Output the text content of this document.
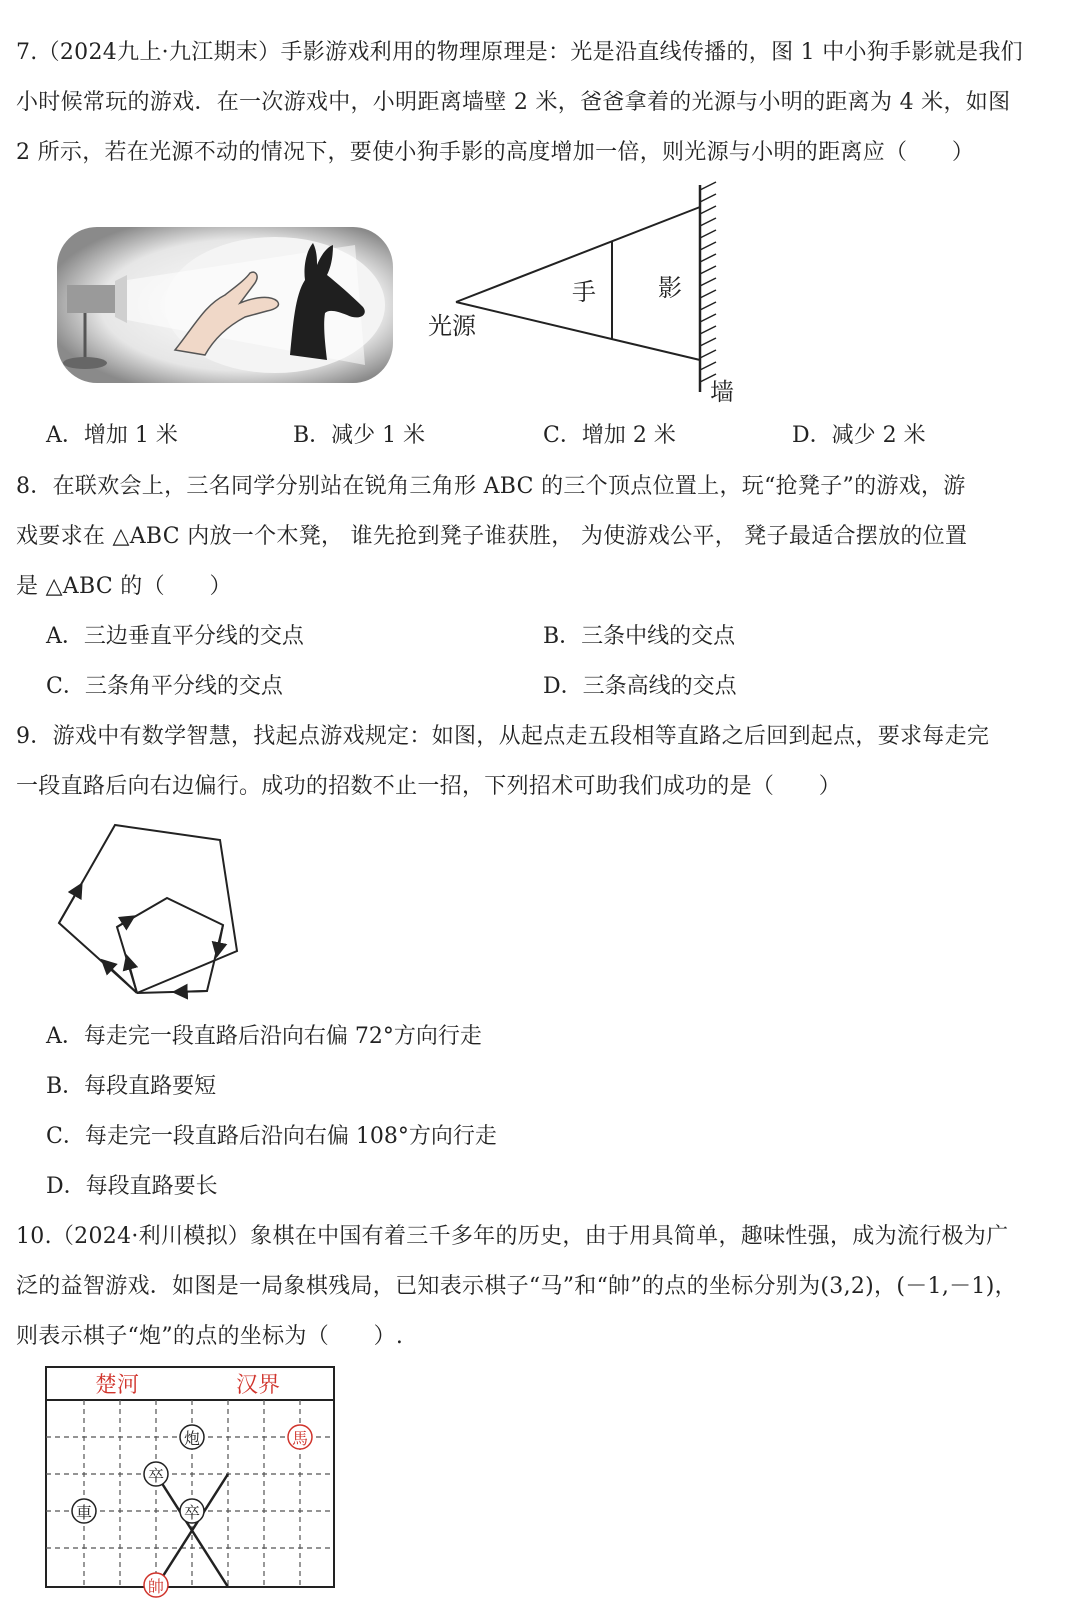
7.（2024九上·九江期末）手影游戏利用的物理原理是：光是沿直线传播的，图 1 中小狗手影就是我们
小时候常玩的游戏．在一次游戏中，小明距离墙壁 2 米，爸爸拿着的光源与小明的距离为 4 米，如图
2 所示，若在光源不动的情况下，要使小狗手影的高度增加一倍，则光源与小明的距离应（　　）
手	影
光源
墙
A．增加 1 米	B．减少 1 米	C．增加 2 米	D．减少 2 米
8．在联欢会上，三名同学分别站在锐角三角形 ABC 的三个顶点位置上，玩“抢凳子”的游戏，游
戏要求在 △ABC 内放一个木凳， 谁先抢到凳子谁获胜， 为使游戏公平， 凳子最适合摆放的位置
是 △ABC 的（　　）
A．三边垂直平分线的交点	B．三条中线的交点
C．三条角平分线的交点	D．三条高线的交点
9．游戏中有数学智慧，找起点游戏规定：如图，从起点走五段相等直路之后回到起点，要求每走完
一段直路后向右边偏行。成功的招数不止一招，下列招术可助我们成功的是（　　）
A．每走完一段直路后沿向右偏 72°方向行走
B．每段直路要短
C．每走完一段直路后沿向右偏 108°方向行走
D．每段直路要长
10.（2024·利川模拟）象棋在中国有着三千多年的历史，由于用具简单，趣味性强，成为流行极为广
泛的益智游戏．如图是一局象棋残局，已知表示棋子“马”和“帥”的点的坐标分别为(3,2)，(－1,－1)，
则表示棋子“炮”的点的坐标为（　　）.
楚河	汉界
炮	馬
卒
卒
車
帥
